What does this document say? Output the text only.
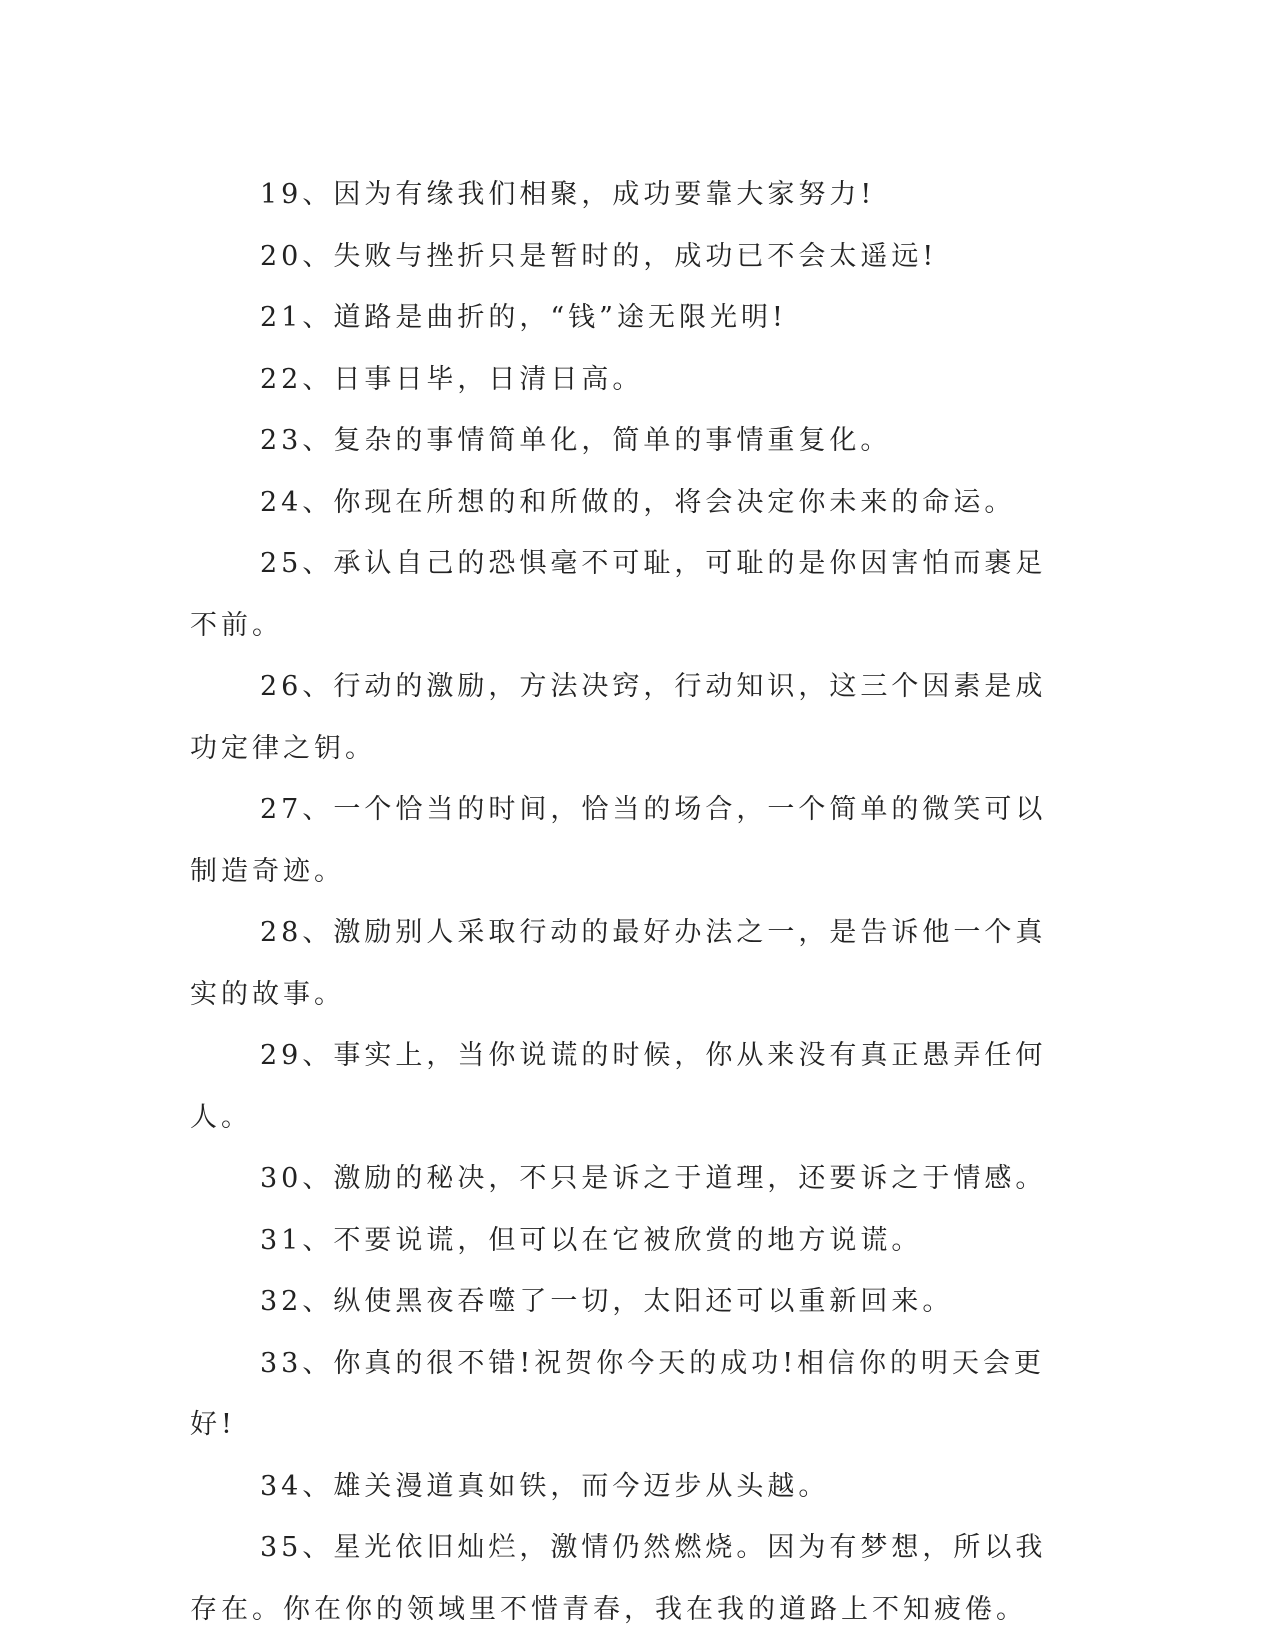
19、因为有缘我们相聚，成功要靠大家努力!

20、失败与挫折只是暂时的，成功已不会太遥远!

21、道路是曲折的，“钱”途无限光明!

22、日事日毕，日清日高。

23、复杂的事情简单化，简单的事情重复化。

24、你现在所想的和所做的，将会决定你未来的命运。

25、承认自己的恐惧毫不可耻，可耻的是你因害怕而裹足不前。

26、行动的激励，方法决窍，行动知识，这三个因素是成功定律之钥。

27、一个恰当的时间，恰当的场合，一个简单的微笑可以制造奇迹。

28、激励别人采取行动的最好办法之一，是告诉他一个真实的故事。

29、事实上，当你说谎的时候，你从来没有真正愚弄任何人。

30、激励的秘决，不只是诉之于道理，还要诉之于情感。

31、不要说谎，但可以在它被欣赏的地方说谎。

32、纵使黑夜吞噬了一切，太阳还可以重新回来。

33、你真的很不错!祝贺你今天的成功!相信你的明天会更好!

34、雄关漫道真如铁，而今迈步从头越。

35、星光依旧灿烂，激情仍然燃烧。因为有梦想，所以我存在。你在你的领域里不惜青春，我在我的道路上不知疲倦。
